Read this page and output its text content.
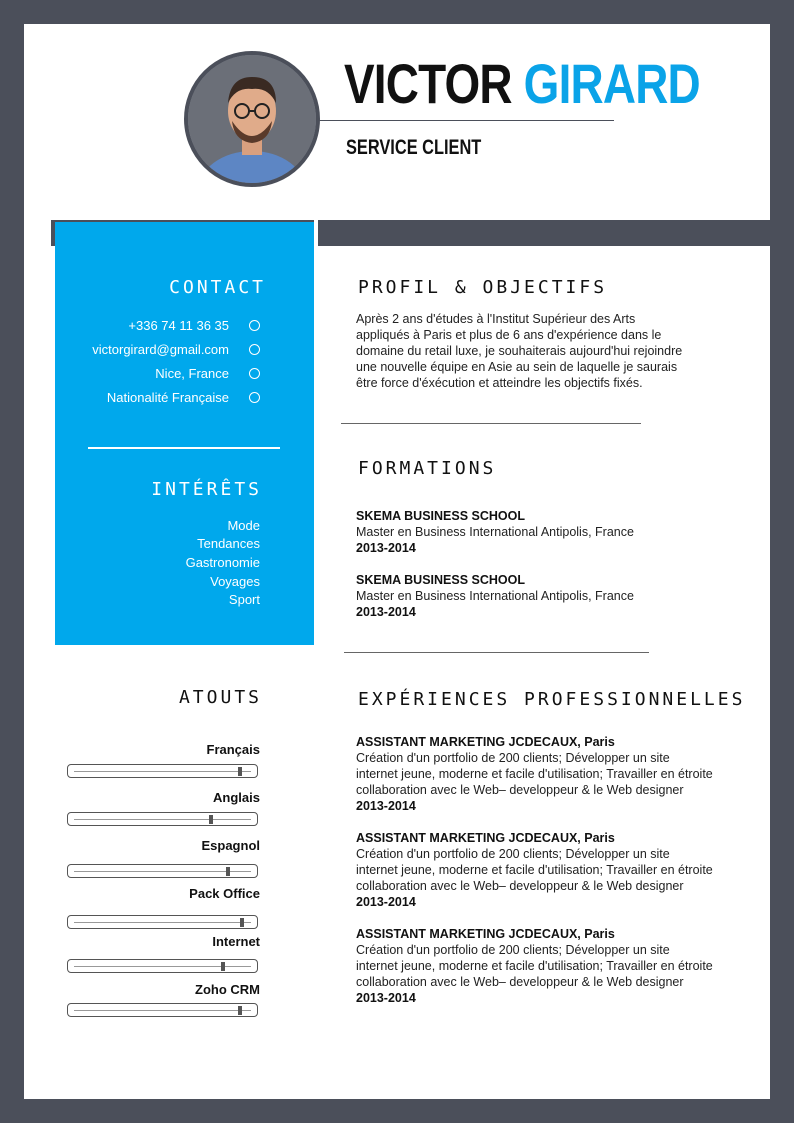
VICTOR GIRARD
SERVICE CLIENT
CONTACT
+336 74 11 36 35
victorgirard@gmail.com
Nice, France
Nationalité Française
INTÉRÊTS
Mode
Tendances
Gastronomie
Voyages
Sport
ATOUTS
Français
Anglais
Espagnol
Pack Office
Internet
Zoho CRM
PROFIL & OBJECTIFS
Après 2 ans d'études à l'Institut Supérieur des Arts
appliqués à Paris et plus de 6 ans d'expérience dans le
domaine du retail luxe, je souhaiterais aujourd'hui rejoindre
une nouvelle équipe en Asie au sein de laquelle je saurais
être force d'éxécution et atteindre les objectifs fixés.
FORMATIONS
SKEMA BUSINESS SCHOOL
Master en Business International Antipolis, France
2013-2014
SKEMA BUSINESS SCHOOL
Master en Business International Antipolis, France
2013-2014
EXPÉRIENCES PROFESSIONNELLES
ASSISTANT MARKETING JCDECAUX, Paris
Création d'un portfolio de 200 clients; Développer un site
internet jeune, moderne et facile d'utilisation; Travailler en étroite
collaboration avec le Web– developpeur & le Web designer
2013-2014
ASSISTANT MARKETING JCDECAUX, Paris
Création d'un portfolio de 200 clients; Développer un site
internet jeune, moderne et facile d'utilisation; Travailler en étroite
collaboration avec le Web– developpeur & le Web designer
2013-2014
ASSISTANT MARKETING JCDECAUX, Paris
Création d'un portfolio de 200 clients; Développer un site
internet jeune, moderne et facile d'utilisation; Travailler en étroite
collaboration avec le Web– developpeur & le Web designer
2013-2014
